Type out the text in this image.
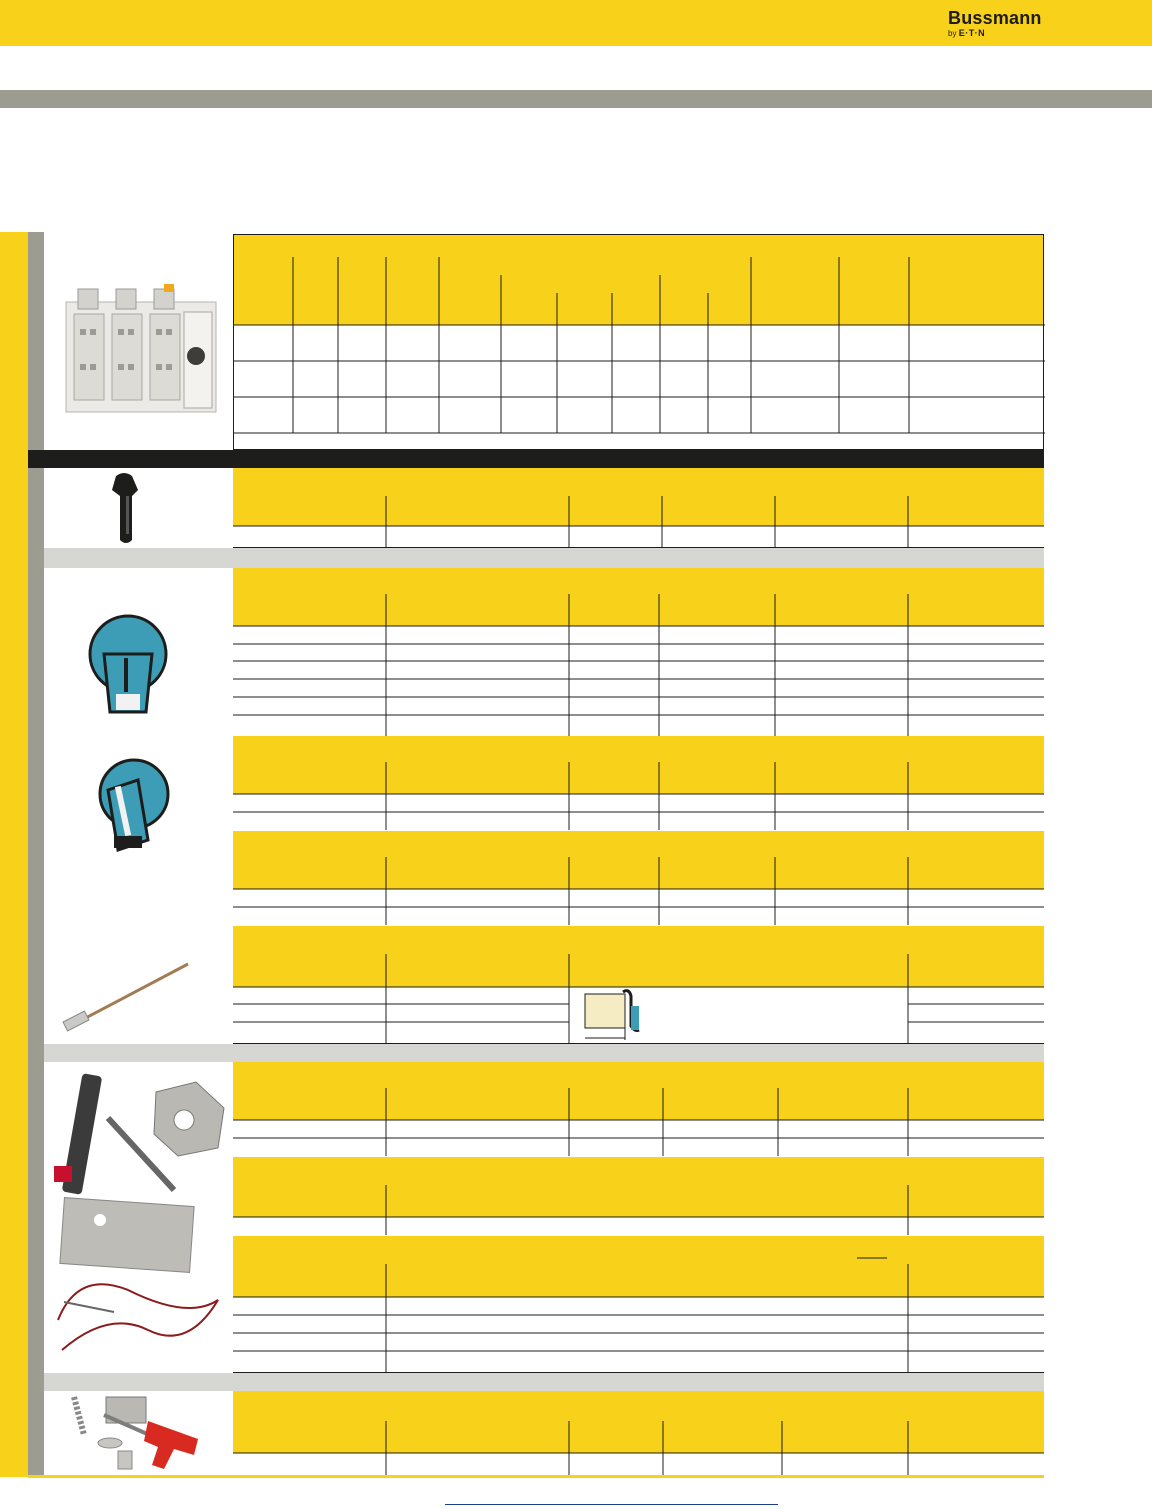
Bussmann
by E·T·N
